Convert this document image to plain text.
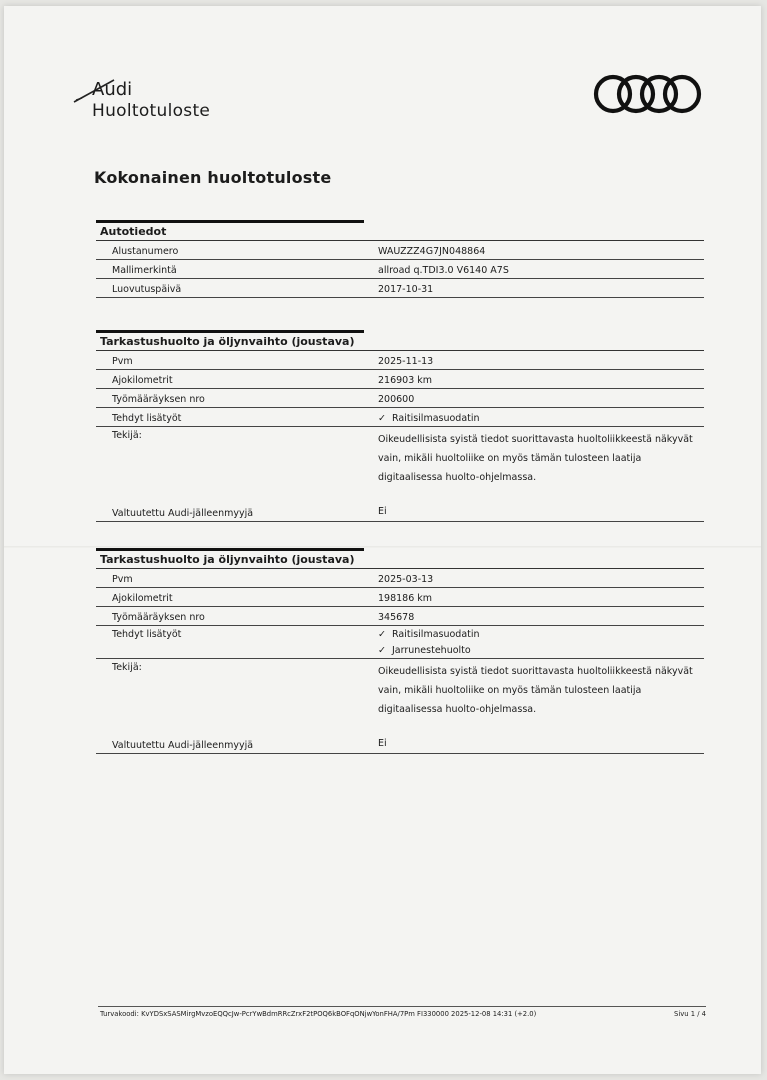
Audi
Huoltotuloste
Kokonainen huoltotuloste
Autotiedot
Alustanumero	WAUZZZ4G7JN048864
Mallimerkintä	allroad q.TDI3.0 V6140 A7S
Luovutuspäivä	2017-10-31
Tarkastushuolto ja öljynvaihto (joustava)
Pvm	2025-11-13
Ajokilometrit	216903 km
Työmääräyksen nro	200600
Tehdyt lisätyöt	✓ Raitisilmasuodatin
Tekijä:	Oikeudellisista syistä tiedot suorittavasta huoltoliikkeestä näkyvät
vain, mikäli huoltoliike on myös tämän tulosteen laatija
digitaalisessa huolto-ohjelmassa.
Valtuutettu Audi-jälleenmyyjä	Ei
Tarkastushuolto ja öljynvaihto (joustava)
Pvm	2025-03-13
Ajokilometrit	198186 km
Työmääräyksen nro	345678
Tehdyt lisätyöt	✓ Raitisilmasuodatin
✓ Jarrunestehuolto
Tekijä:	Oikeudellisista syistä tiedot suorittavasta huoltoliikkeestä näkyvät
vain, mikäli huoltoliike on myös tämän tulosteen laatija
digitaalisessa huolto-ohjelmassa.
Valtuutettu Audi-jälleenmyyjä	Ei
Turvakoodi: KvYDSxSASMirgMvzoEQQcJw-PcrYwBdmRRcZrxF2tPOQ6kBOFqONjwYonFHA/7Pm FI330000 2025-12-08 14:31 (+2.0)	Sivu 1 / 4
